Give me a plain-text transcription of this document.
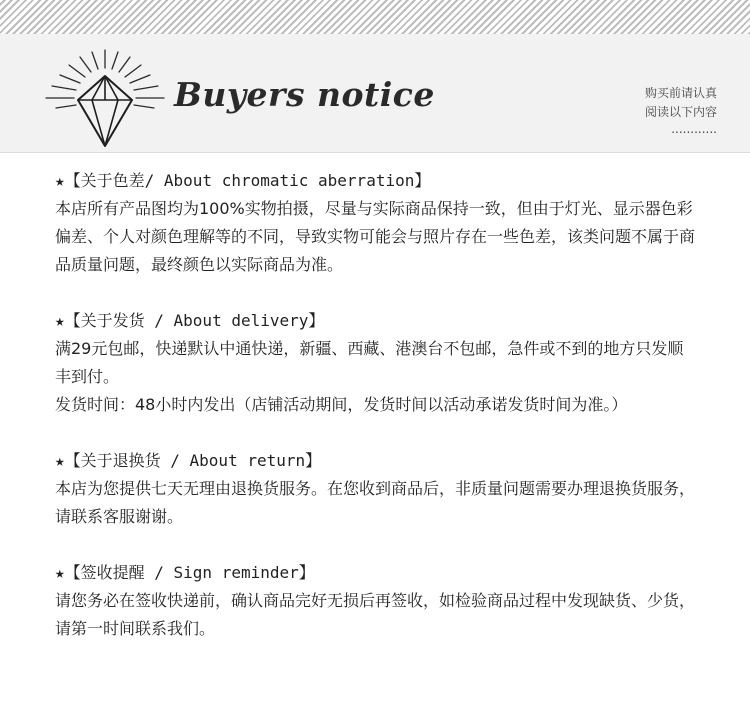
Buyers notice	购买前请认真
阅读以下内容
............
★【关于色差/ About chromatic aberration】

本店所有产品图均为100%实物拍摄，尽量与实际商品保持一致，但由于灯光、显示器色彩偏差、个人对颜色理解等的不同，导致实物可能会与照片存在一些色差，该类问题不属于商品质量问题，最终颜色以实际商品为准。

★【关于发货 / About delivery】

满29元包邮，快递默认中通快递，新疆、西藏、港澳台不包邮，急件或不到的地方只发顺丰到付。

发货时间：48小时内发出（店铺活动期间，发货时间以活动承诺发货时间为准。）

★【关于退换货 / About return】

本店为您提供七天无理由退换货服务。在您收到商品后，非质量问题需要办理退换货服务，请联系客服谢谢。

★【签收提醒 / Sign reminder】

请您务必在签收快递前，确认商品完好无损后再签收，如检验商品过程中发现缺货、少货，请第一时间联系我们。
